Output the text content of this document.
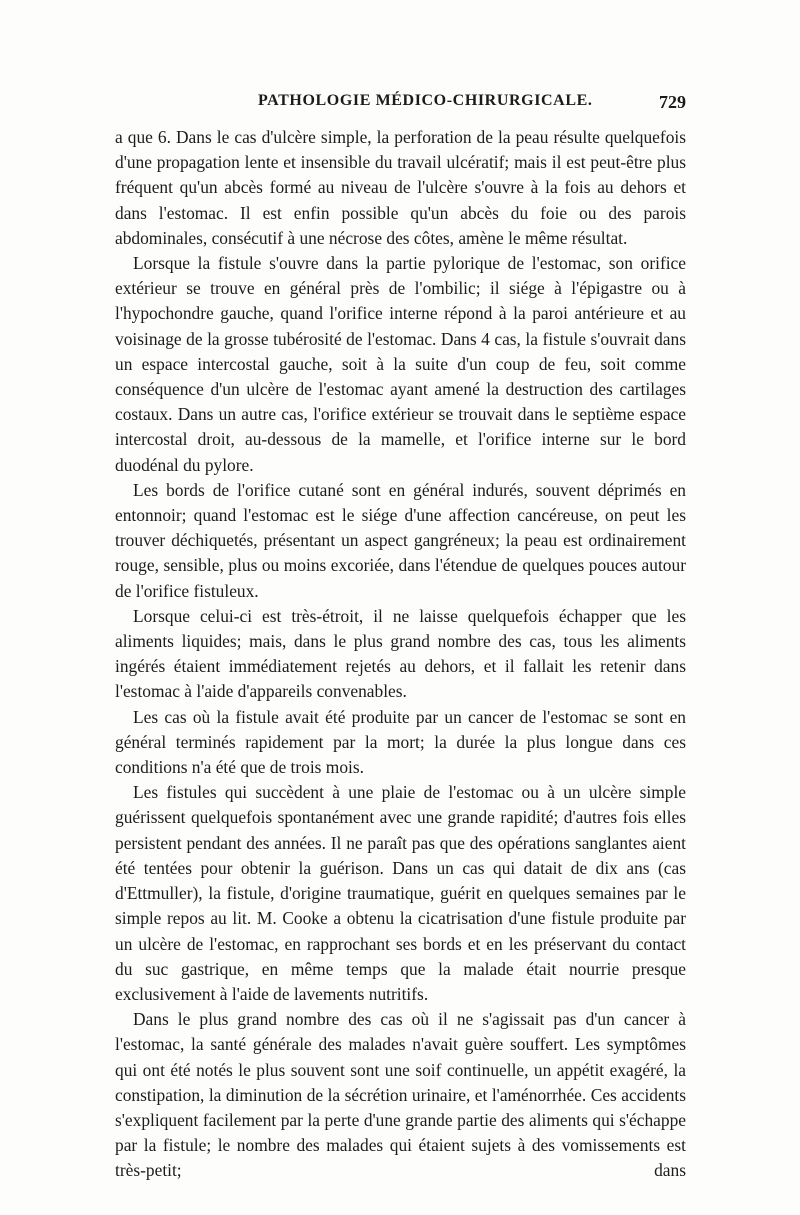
PATHOLOGIE MÉDICO-CHIRURGICALE.	729

a que 6. Dans le cas d'ulcère simple, la perforation de la peau résulte quelquefois d'une propagation lente et insensible du travail ulcératif; mais il est peut-être plus fréquent qu'un abcès formé au niveau de l'ulcère s'ouvre à la fois au dehors et dans l'estomac. Il est enfin possible qu'un abcès du foie ou des parois abdominales, consécutif à une nécrose des côtes, amène le même résultat.

Lorsque la fistule s'ouvre dans la partie pylorique de l'estomac, son orifice extérieur se trouve en général près de l'ombilic; il siége à l'épigastre ou à l'hypochondre gauche, quand l'orifice interne répond à la paroi antérieure et au voisinage de la grosse tubérosité de l'estomac. Dans 4 cas, la fistule s'ouvrait dans un espace intercostal gauche, soit à la suite d'un coup de feu, soit comme conséquence d'un ulcère de l'estomac ayant amené la destruction des cartilages costaux. Dans un autre cas, l'orifice extérieur se trouvait dans le septième espace intercostal droit, au-dessous de la mamelle, et l'orifice interne sur le bord duodénal du pylore.

Les bords de l'orifice cutané sont en général indurés, souvent déprimés en entonnoir; quand l'estomac est le siége d'une affection cancéreuse, on peut les trouver déchiquetés, présentant un aspect gangréneux; la peau est ordinairement rouge, sensible, plus ou moins excoriée, dans l'étendue de quelques pouces autour de l'orifice fistuleux.

Lorsque celui-ci est très-étroit, il ne laisse quelquefois échapper que les aliments liquides; mais, dans le plus grand nombre des cas, tous les aliments ingérés étaient immédiatement rejetés au dehors, et il fallait les retenir dans l'estomac à l'aide d'appareils convenables.

Les cas où la fistule avait été produite par un cancer de l'estomac se sont en général terminés rapidement par la mort; la durée la plus longue dans ces conditions n'a été que de trois mois.

Les fistules qui succèdent à une plaie de l'estomac ou à un ulcère simple guérissent quelquefois spontanément avec une grande rapidité; d'autres fois elles persistent pendant des années. Il ne paraît pas que des opérations sanglantes aient été tentées pour obtenir la guérison. Dans un cas qui datait de dix ans (cas d'Ettmuller), la fistule, d'origine traumatique, guérit en quelques semaines par le simple repos au lit. M. Cooke a obtenu la cicatrisation d'une fistule produite par un ulcère de l'estomac, en rapprochant ses bords et en les préservant du contact du suc gastrique, en même temps que la malade était nourrie presque exclusivement à l'aide de lavements nutritifs.

Dans le plus grand nombre des cas où il ne s'agissait pas d'un cancer à l'estomac, la santé générale des malades n'avait guère souffert. Les symptômes qui ont été notés le plus souvent sont une soif continuelle, un appétit exagéré, la constipation, la diminution de la sécrétion urinaire, et l'aménorrhée. Ces accidents s'expliquent facilement par la perte d'une grande partie des aliments qui s'échappe par la fistule; le nombre des malades qui étaient sujets à des vomissements est très-petit; dans
